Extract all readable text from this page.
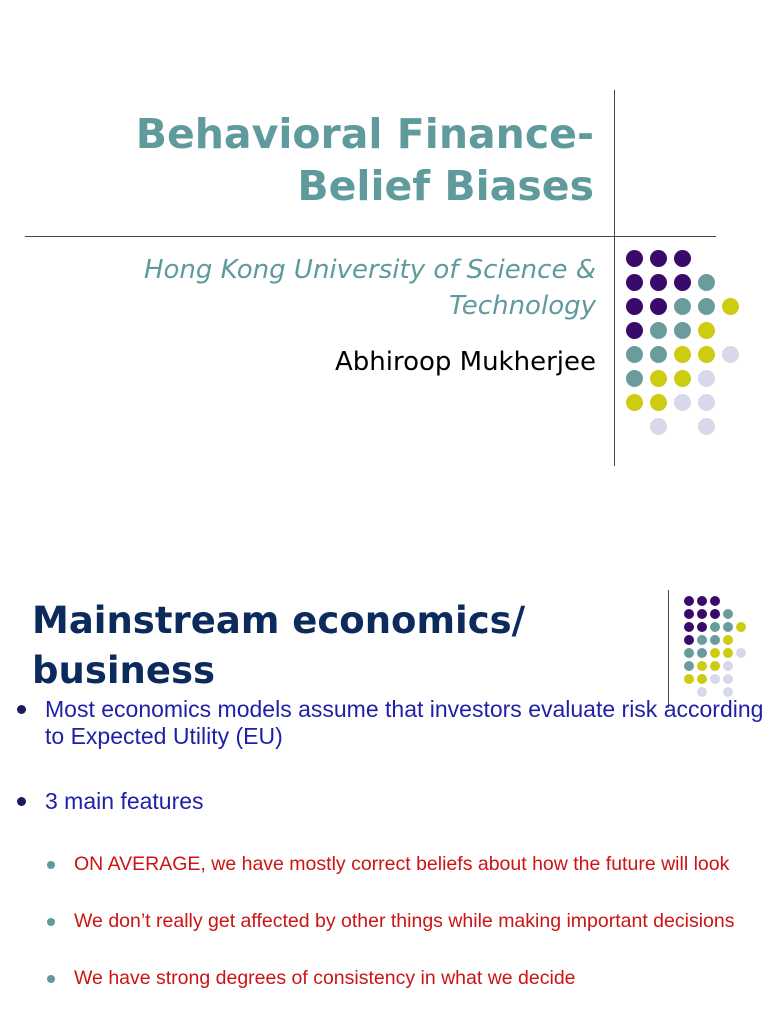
Behavioral Finance-
Belief Biases
Hong Kong University of Science &
Technology
Abhiroop Mukherjee
Mainstream economics/
business
Most economics models assume that investors evaluate risk according to Expected Utility (EU)
3 main features
ON AVERAGE, we have mostly correct beliefs about how the future will look
We don’t really get affected by other things while making important decisions
We have strong degrees of consistency in what we decide
